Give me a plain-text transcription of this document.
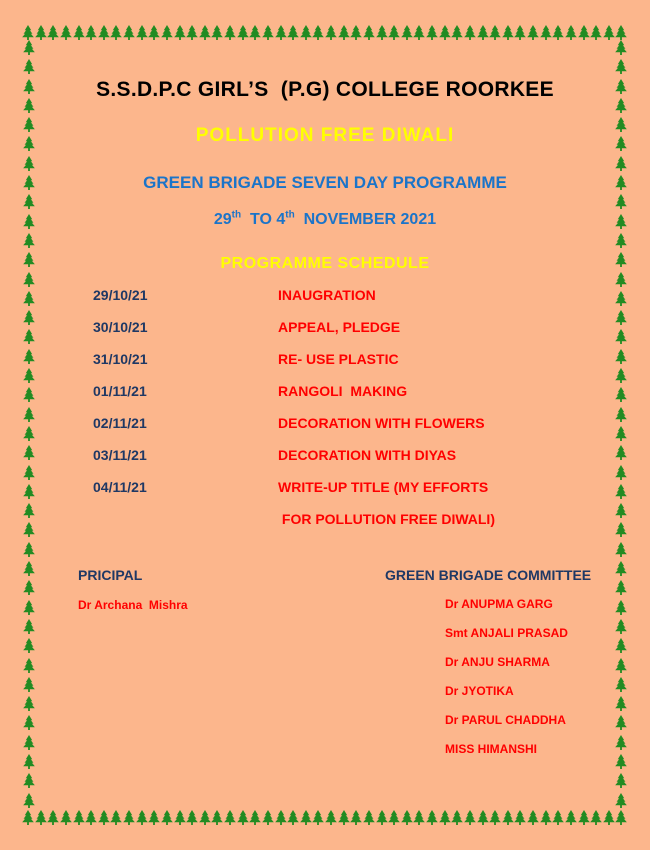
S.S.D.P.C GIRL’S  (P.G) COLLEGE ROORKEE
POLLUTION FREE DIWALI
GREEN BRIGADE SEVEN DAY PROGRAMME
29th  TO 4th  NOVEMBER 2021
PROGRAMME SCHEDULE
29/10/21	INAUGRATION
30/10/21	APPEAL, PLEDGE
31/10/21	RE- USE PLASTIC
01/11/21	RANGOLI  MAKING
02/11/21	DECORATION WITH FLOWERS
03/11/21	DECORATION WITH DIYAS
04/11/21	WRITE-UP TITLE (MY EFFORTS
FOR POLLUTION FREE DIWALI)
PRICIPAL
Dr Archana  Mishra
GREEN BRIGADE COMMITTEE
Dr ANUPMA GARG
Smt ANJALI PRASAD
Dr ANJU SHARMA
Dr JYOTIKA
Dr PARUL CHADDHA
MISS HIMANSHI
